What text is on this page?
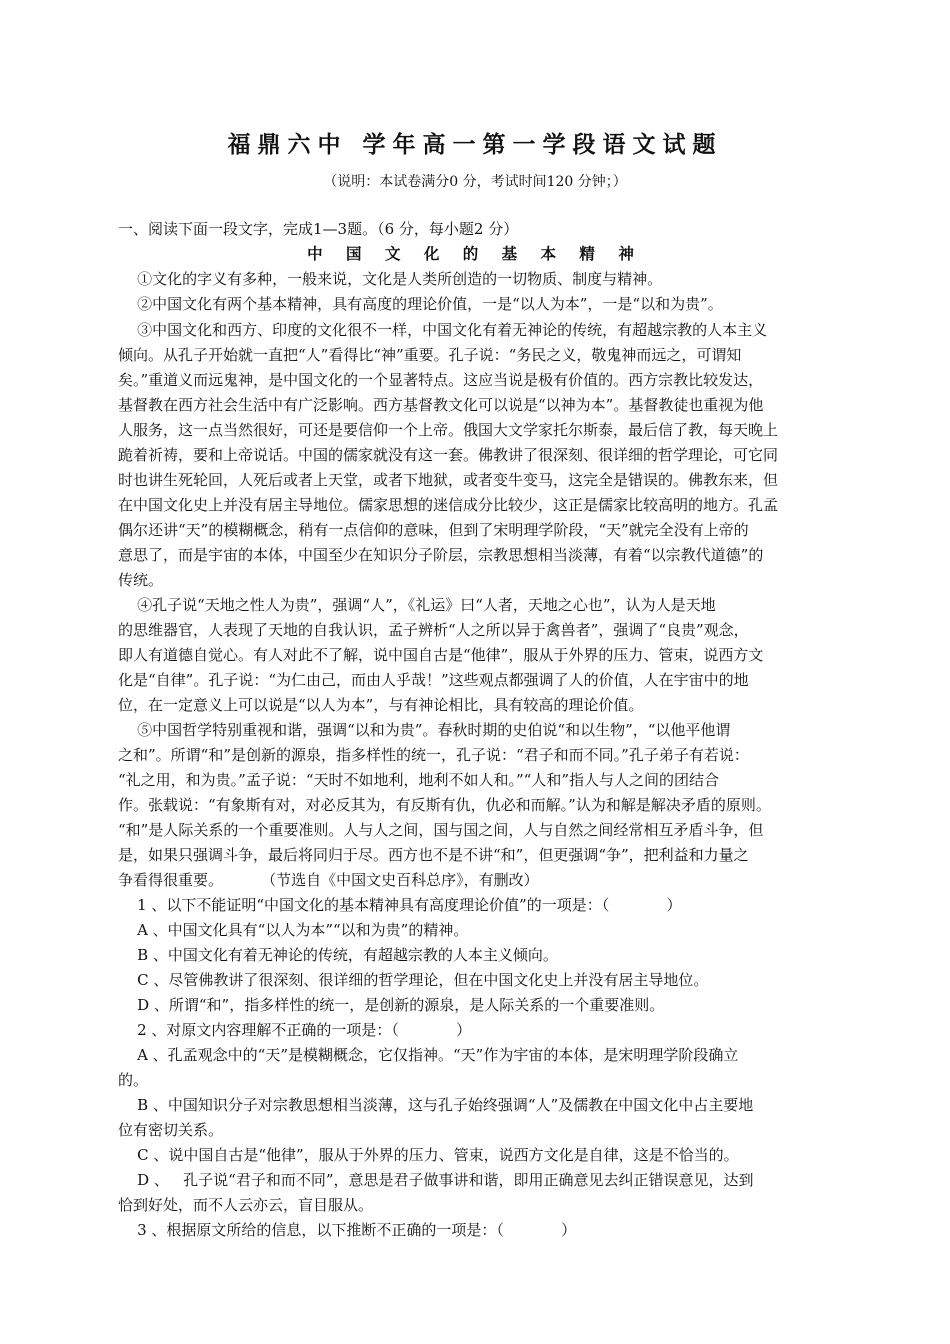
福鼎六中 学年高一第一学段语文试题
（说明：本试卷满分0 分，考试时间120 分钟；）
一、阅读下面一段文字，完成1—3题。（6 分，每小题2 分）
中 国 文 化 的 基 本 精 神
①文化的字义有多种，一般来说，文化是人类所创造的一切物质、制度与精神。
②中国文化有两个基本精神，具有高度的理论价值，一是“以人为本”，一是“以和为贵”。
③中国文化和西方、印度的文化很不一样，中国文化有着无神论的传统，有超越宗教的人本主义
倾向。从孔子开始就一直把“人”看得比“神”重要。孔子说：“务民之义，敬鬼神而远之，可谓知
矣。”重道义而远鬼神，是中国文化的一个显著特点。这应当说是极有价值的。西方宗教比较发达，
基督教在西方社会生活中有广泛影响。西方基督教文化可以说是“以神为本”。基督教徒也重视为他
人服务，这一点当然很好，可还是要信仰一个上帝。俄国大文学家托尔斯泰，最后信了教，每天晚上
跪着祈祷，要和上帝说话。中国的儒家就没有这一套。佛教讲了很深刻、很详细的哲学理论，可它同
时也讲生死轮回，人死后或者上天堂，或者下地狱，或者变牛变马，这完全是错误的。佛教东来，但
在中国文化史上并没有居主导地位。儒家思想的迷信成分比较少，这正是儒家比较高明的地方。孔孟
偶尔还讲“天”的模糊概念，稍有一点信仰的意味，但到了宋明理学阶段，“天”就完全没有上帝的
意思了，而是宇宙的本体，中国至少在知识分子阶层，宗教思想相当淡薄，有着“以宗教代道德”的
传统。
④孔子说“天地之性人为贵”，强调“人”，《礼运》曰“人者，天地之心也”，认为人是天地
的思维器官，人表现了天地的自我认识，孟子辨析“人之所以异于禽兽者”，强调了“良贵”观念，
即人有道德自觉心。有人对此不了解，说中国自古是“他律”，服从于外界的压力、管束，说西方文
化是“自律”。孔子说：“为仁由己，而由人乎哉！”这些观点都强调了人的价值，人在宇宙中的地
位，在一定意义上可以说是“以人为本”，与有神论相比，具有较高的理论价值。
⑤中国哲学特别重视和谐，强调“以和为贵”。春秋时期的史伯说“和以生物”，“以他平他谓
之和”。所谓“和”是创新的源泉，指多样性的统一，孔子说：“君子和而不同。”孔子弟子有若说：
“礼之用，和为贵。”孟子说：“天时不如地利，地利不如人和。”“人和”指人与人之间的团结合
作。张载说：“有象斯有对，对必反其为，有反斯有仇，仇必和而解。”认为和解是解决矛盾的原则。
“和”是人际关系的一个重要准则。人与人之间，国与国之间，人与自然之间经常相互矛盾斗争，但
是，如果只强调斗争，最后将同归于尽。西方也不是不讲“和”，但更强调“争”，把利益和力量之
争看得很重要。        （节选自《中国文史百科总序》，有删改）
1 、以下不能证明“中国文化的基本精神具有高度理论价值”的一项是：（            ）
A 、中国文化具有“以人为本”“以和为贵”的精神。
B 、中国文化有着无神论的传统，有超越宗教的人本主义倾向。
C 、尽管佛教讲了很深刻、很详细的哲学理论，但在中国文化史上并没有居主导地位。
D 、所谓“和”，指多样性的统一，是创新的源泉，是人际关系的一个重要准则。
2 、对原文内容理解不正确的一项是：（            ）
A 、孔孟观念中的“天”是模糊概念，它仅指神。“天”作为宇宙的本体，是宋明理学阶段确立
的。
B 、中国知识分子对宗教思想相当淡薄，这与孔子始终强调“人”及儒教在中国文化中占主要地
位有密切关系。
C 、说中国自古是“他律”，服从于外界的压力、管束，说西方文化是自律，这是不恰当的。
D 、   孔子说“君子和而不同”，意思是君子做事讲和谐，即用正确意见去纠正错误意见，达到
恰到好处，而不人云亦云，盲目服从。
3 、根据原文所给的信息，以下推断不正确的一项是：（            ）
